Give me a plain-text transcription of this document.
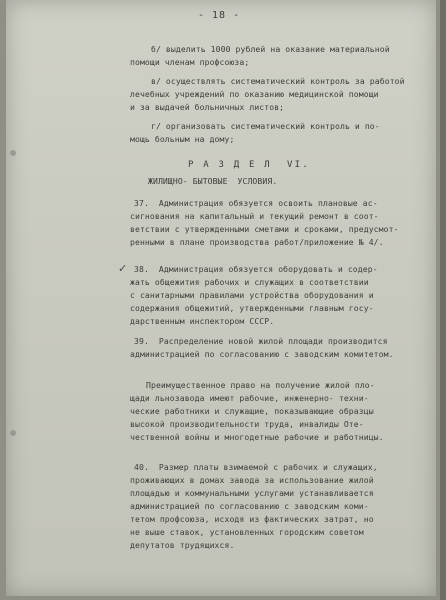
- 18 -
б/ выделить 1000 рублей на оказание материальной
помощи членам профсоюза;
в/ осуществлять систематический контроль за работой
лечебных учреждений по оказанию медицинской помощи
и за выдачей больничных листов;
г/ организовать систематический контроль и по-
мощь больным на дому;
Р А З Д Е Л  VI.
ЖИЛИЩНО- БЫТОВЫЕ  УСЛОВИЯ.
37.  Администрация обязуется освоить плановые ас-
сигнования на капитальный и текущий ремонт в соот-
ветствии с утвержденными сметами и сроками, предусмот-
ренными в плане производства работ/приложение № 4/.
✓ 38.  Администрация обязуется оборудовать и содер-
жать общежития рабочих и служащих в соответствии
с санитарными правилами устройства оборудования и
содержания общежитий, утвержденными главным госу-
дарственным инспектором СССР.
39.  Распределение новой жилой площади производится
администрацией по согласованию с заводским комитетом.
Преимущественное право на получение жилой пло-
щади льнозавода имеют рабочие, инженерно- техни-
ческие работники и служащие, показывающие образцы
высокой производительности труда, инвалиды Оте-
чественной войны и многодетные рабочие и работницы.
40.  Размер платы взимаемой с рабочих и служащих,
проживающих в домах завода за использование жилой
площадью и коммунальными услугами устанавливается
администрацией по согласованию с заводским коми-
тетом профсоюза, исходя из фактических затрат, но
не выше ставок, установленных городским советом
депутатов трудящихся.
